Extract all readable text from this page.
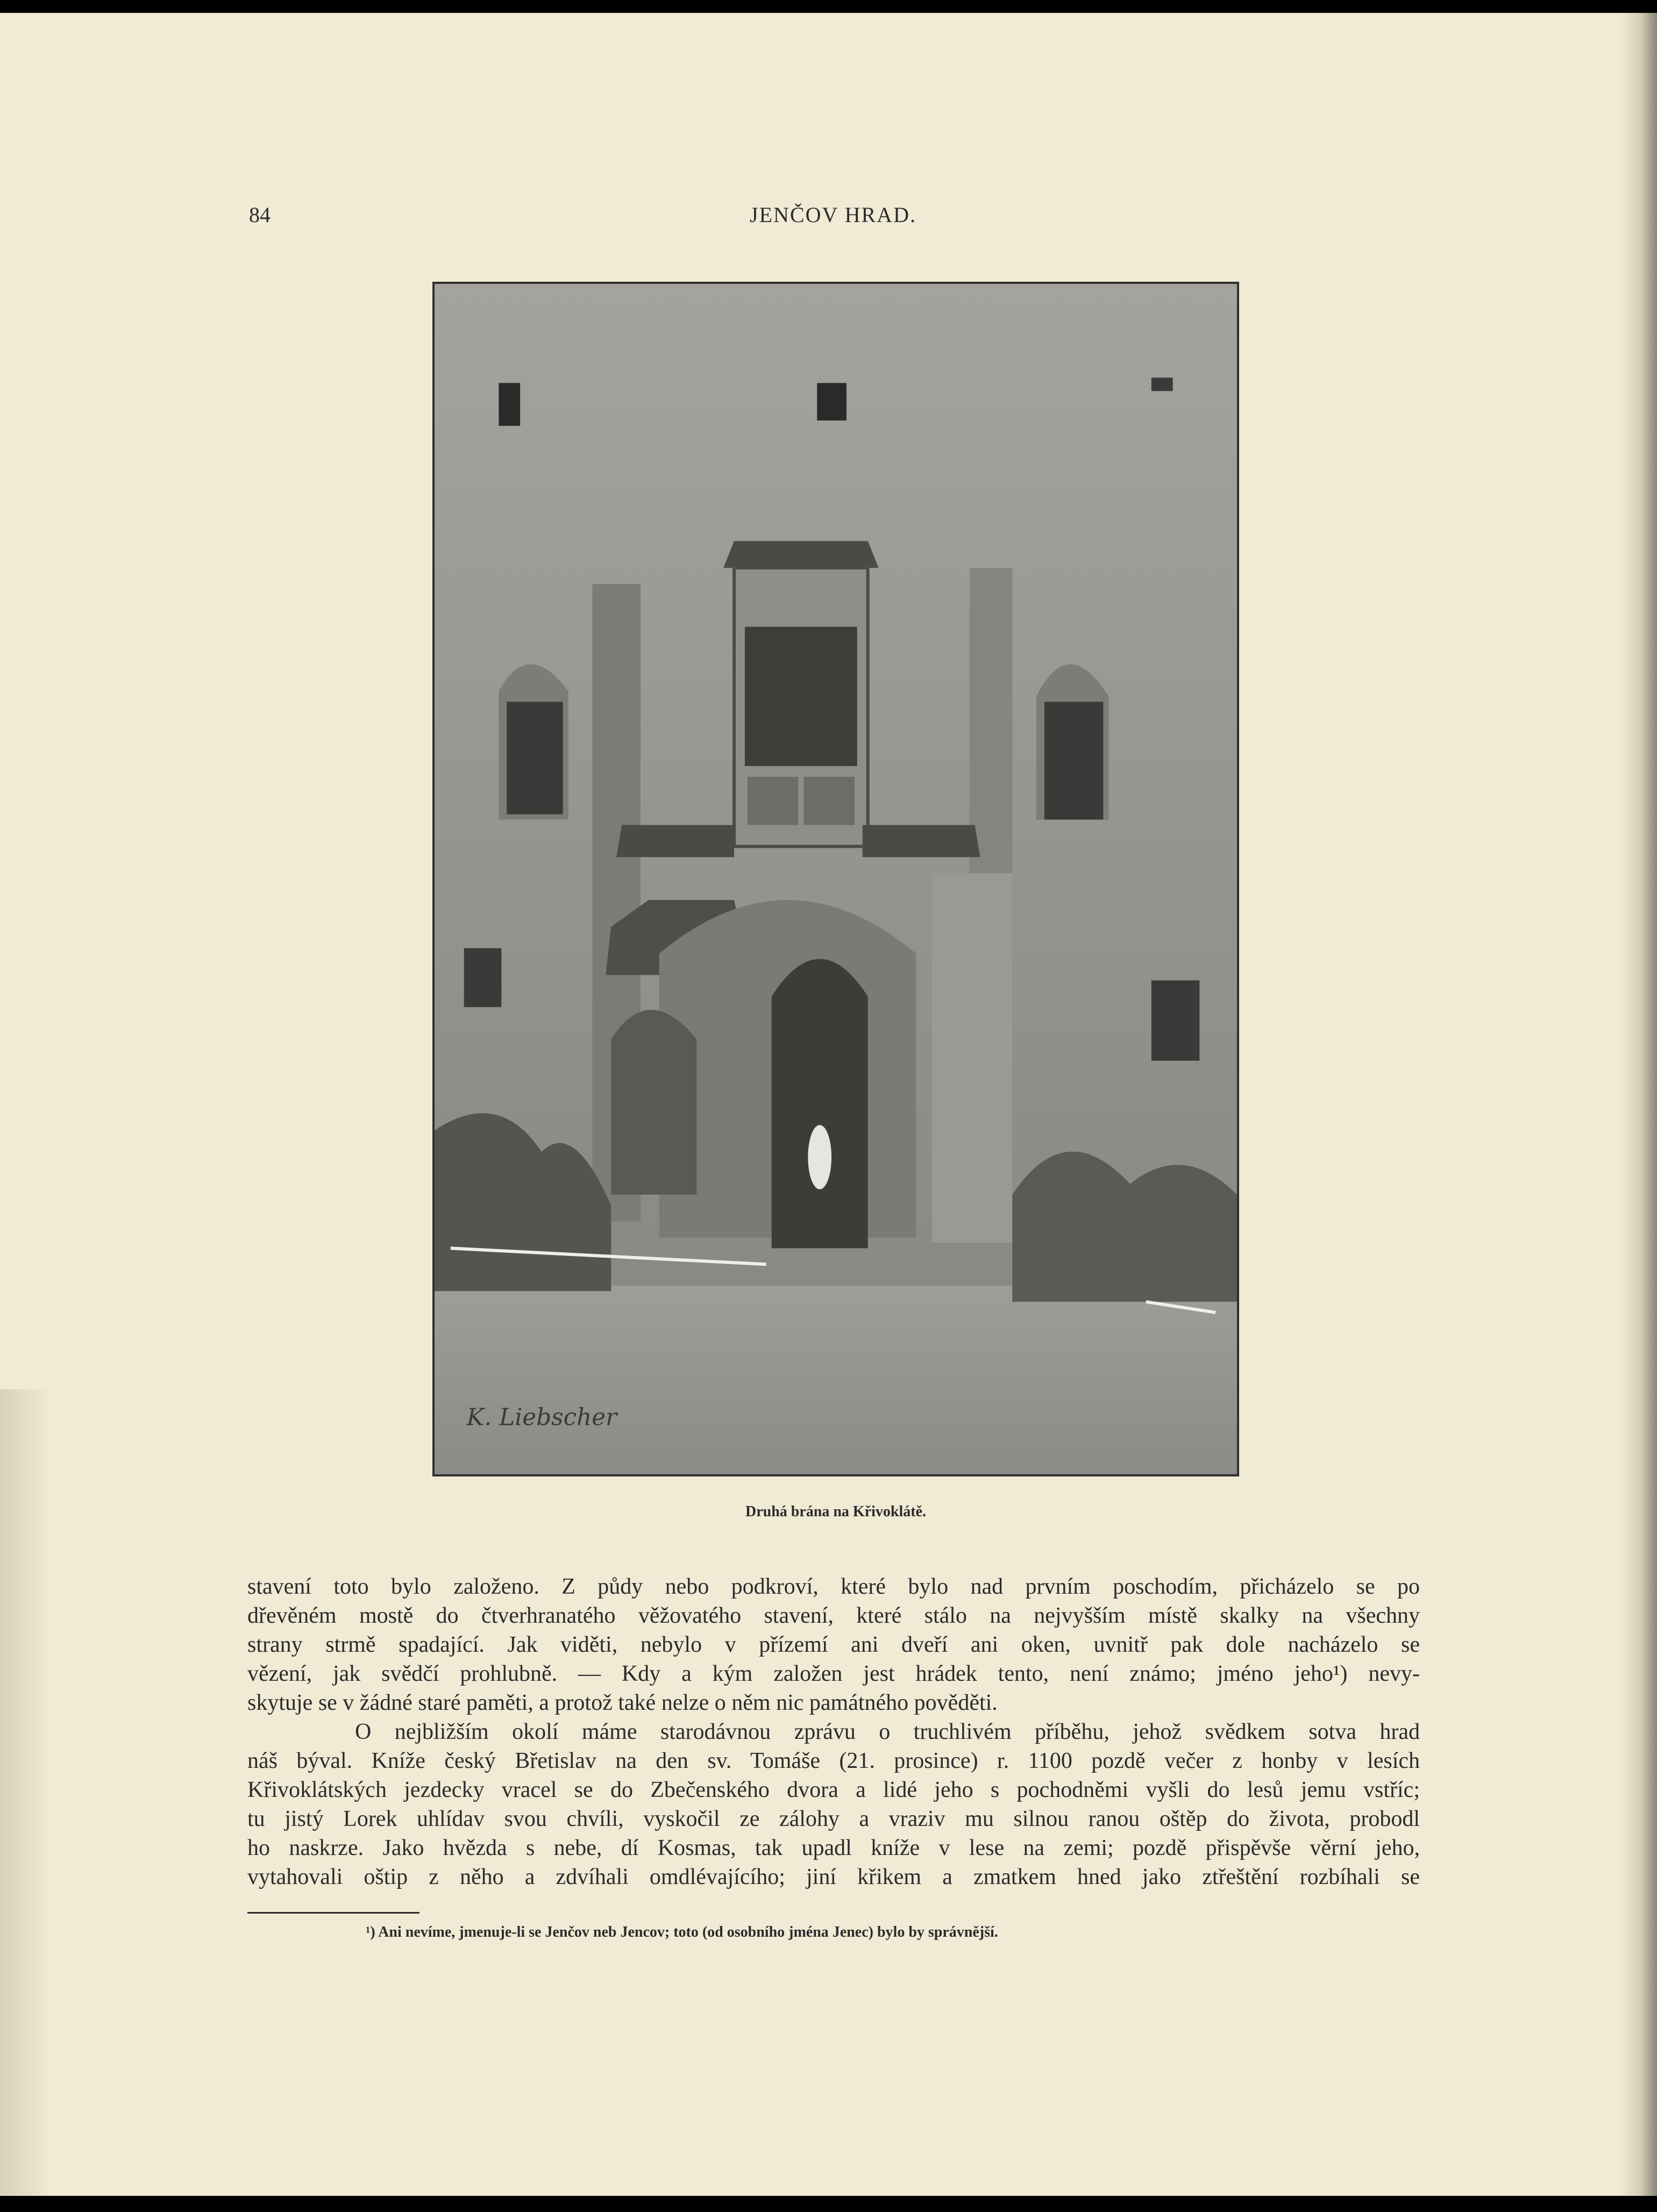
84	JENČOV HRAD.
K. Liebscher
Druhá brána na Křivoklátě.

stavení toto bylo založeno. Z půdy nebo podkroví, které bylo nad prvním poschodím, přicházelo se po

dřevěném mostě do čtverhranatého věžovatého stavení, které stálo na nejvyšším místě skalky na všechny

strany strmě spadající. Jak viděti, nebylo v přízemí ani dveří ani oken, uvnitř pak dole nacházelo se

vězení, jak svědčí prohlubně. — Kdy a kým založen jest hrádek tento, není známo; jméno jeho¹) nevy-

skytuje se v žádné staré paměti, a protož také nelze o něm nic památného pověděti.

O nejbližším okolí máme starodávnou zprávu o truchlivém příběhu, jehož svědkem sotva hrad

náš býval. Kníže český Břetislav na den sv. Tomáše (21. prosince) r. 1100 pozdě večer z honby v lesích

Křivoklátských jezdecky vracel se do Zbečenského dvora a lidé jeho s pochodněmi vyšli do lesů jemu vstříc;

tu jistý Lorek uhlídav svou chvíli, vyskočil ze zálohy a vraziv mu silnou ranou oštěp do života, probodl

ho naskrze. Jako hvězda s nebe, dí Kosmas, tak upadl kníže v lese na zemi; pozdě přispěvše věrní jeho,

vytahovali oštip z něho a zdvíhali omdlévajícího; jiní křikem a zmatkem hned jako ztřeštění rozbíhali se

¹) Ani nevíme, jmenuje-li se Jenčov neb Jencov; toto (od osobního jména Jenec) bylo by správnější.
